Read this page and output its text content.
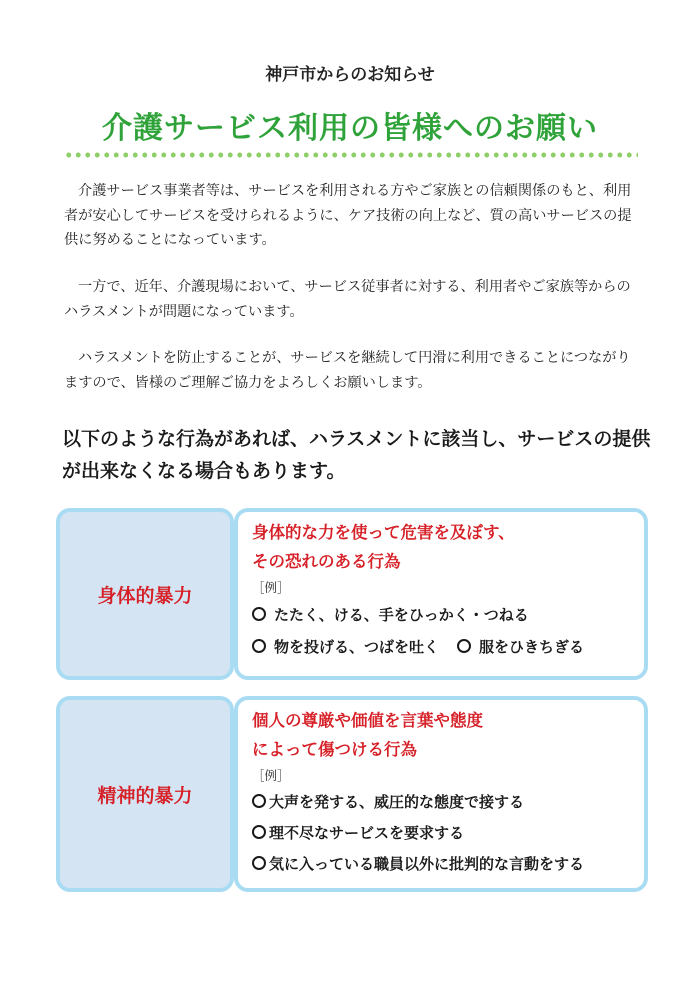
神戸市からのお知らせ
介護サービス利用の皆様へのお願い

介護サービス事業者等は、サービスを利用される方やご家族との信頼関係のもと、利用者が安心してサービスを受けられるように、ケア技術の向上など、質の高いサービスの提供に努めることになっています。

一方で、近年、介護現場において、サービス従事者に対する、利用者やご家族等からのハラスメントが問題になっています。

ハラスメントを防止することが、サービスを継続して円滑に利用できることにつながりますので、皆様のご理解ご協力をよろしくお願いします。

以下のような行為があれば、ハラスメントに該当し、サービスの提供が出来なくなる場合もあります。

身体的暴力
身体的な力を使って危害を及ぼす、
その恐れのある行為
［例］
たたく、ける、手をひっかく・つねる
物を投げる、つばを吐く	服をひきちぎる
精神的暴力
個人の尊厳や価値を言葉や態度
によって傷つける行為
［例］
大声を発する、威圧的な態度で接する
理不尽なサービスを要求する
気に入っている職員以外に批判的な言動をする
